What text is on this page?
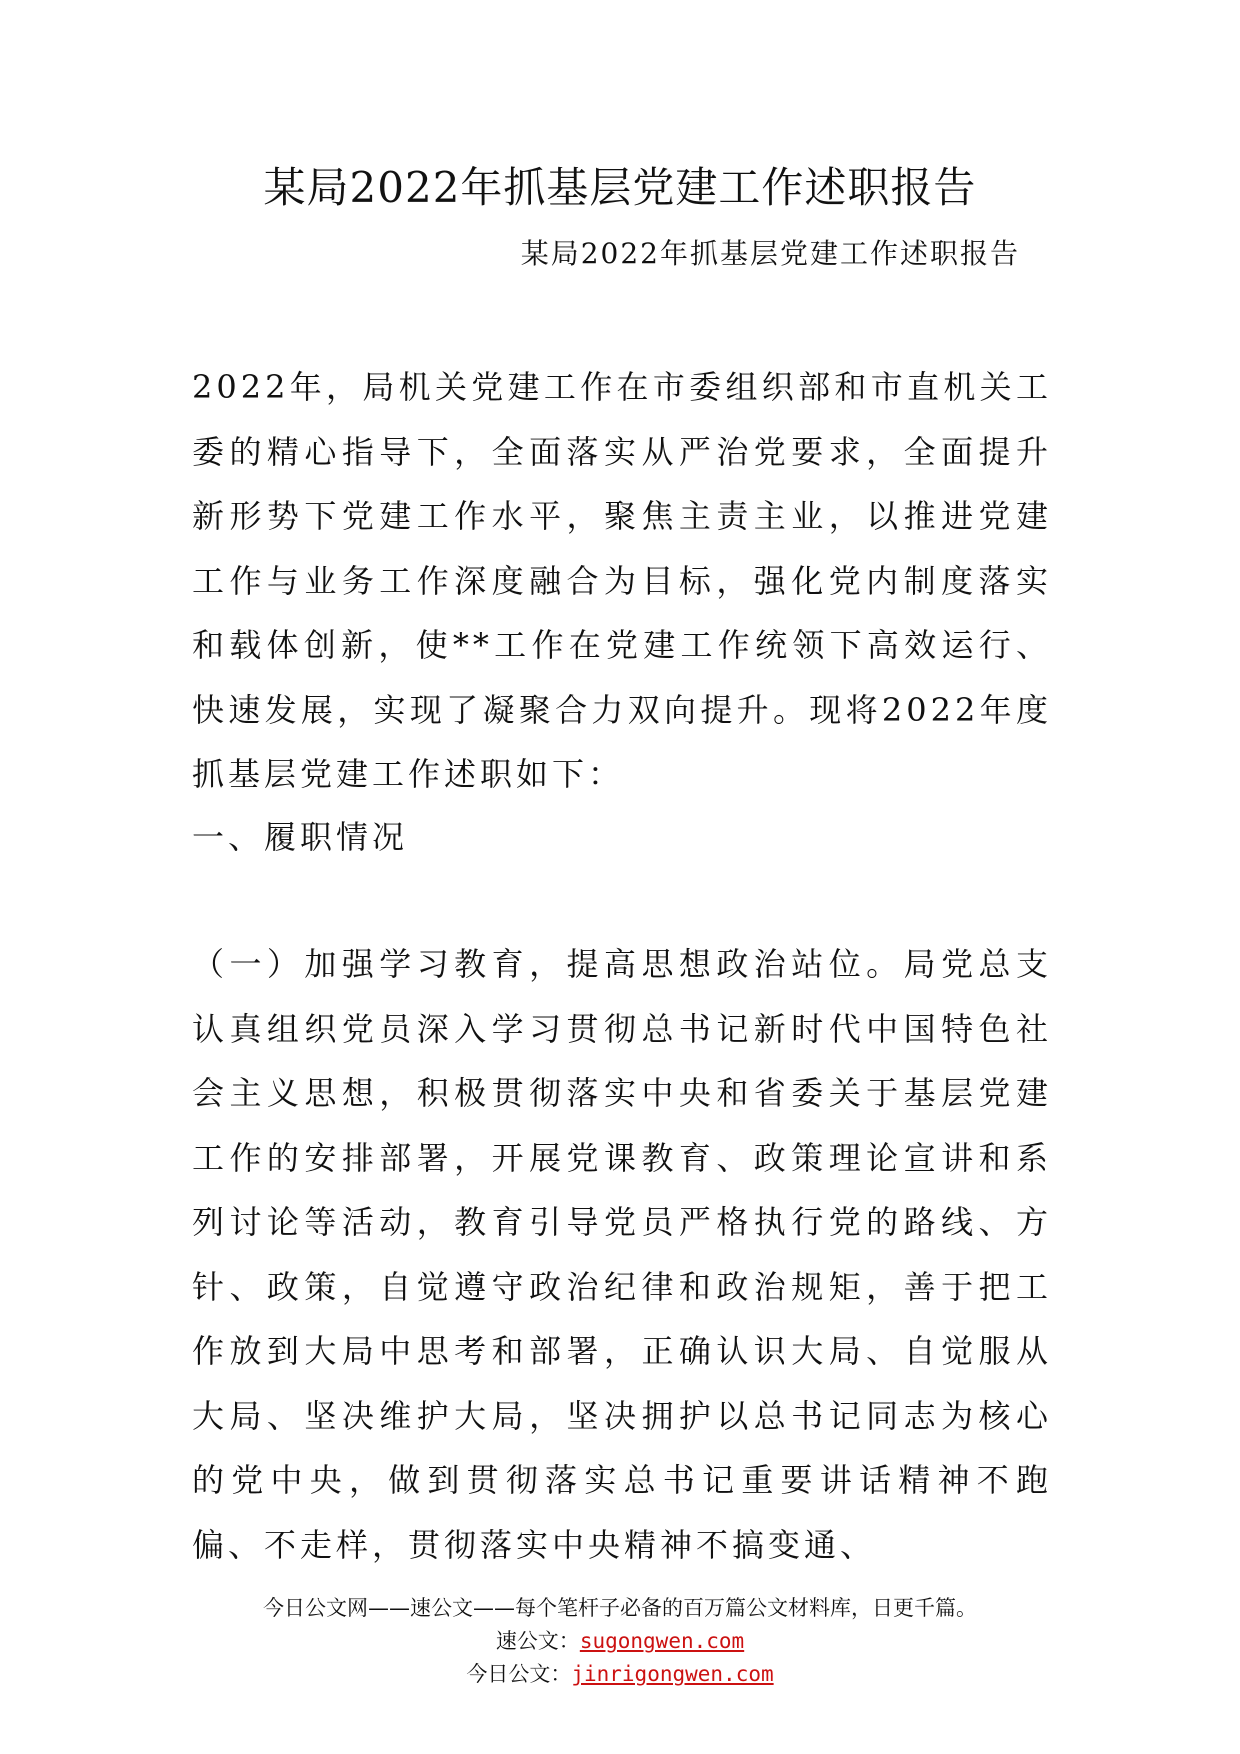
某局2022年抓基层党建工作述职报告

某局2022年抓基层党建工作述职报告

2022年，局机关党建工作在市委组织部和市直机关工委的精心指导下，全面落实从严治党要求，全面提升新形势下党建工作水平，聚焦主责主业，以推进党建工作与业务工作深度融合为目标，强化党内制度落实和载体创新，使**工作在党建工作统领下高效运行、快速发展，实现了凝聚合力双向提升。现将2022年度抓基层党建工作述职如下：

一、履职情况

（一）加强学习教育，提高思想政治站位。局党总支认真组织党员深入学习贯彻总书记新时代中国特色社会主义思想，积极贯彻落实中央和省委关于基层党建工作的安排部署，开展党课教育、政策理论宣讲和系列讨论等活动，教育引导党员严格执行党的路线、方针、政策，自觉遵守政治纪律和政治规矩，善于把工作放到大局中思考和部署，正确认识大局、自觉服从大局、坚决维护大局，坚决拥护以总书记同志为核心的党中央，做到贯彻落实总书记重要讲话精神不跑偏、不走样，贯彻落实中央精神不搞变通、

今日公文网——速公文——每个笔杆子必备的百万篇公文材料库，日更千篇。
速公文：sugongwen.com
今日公文：jinrigongwen.com
